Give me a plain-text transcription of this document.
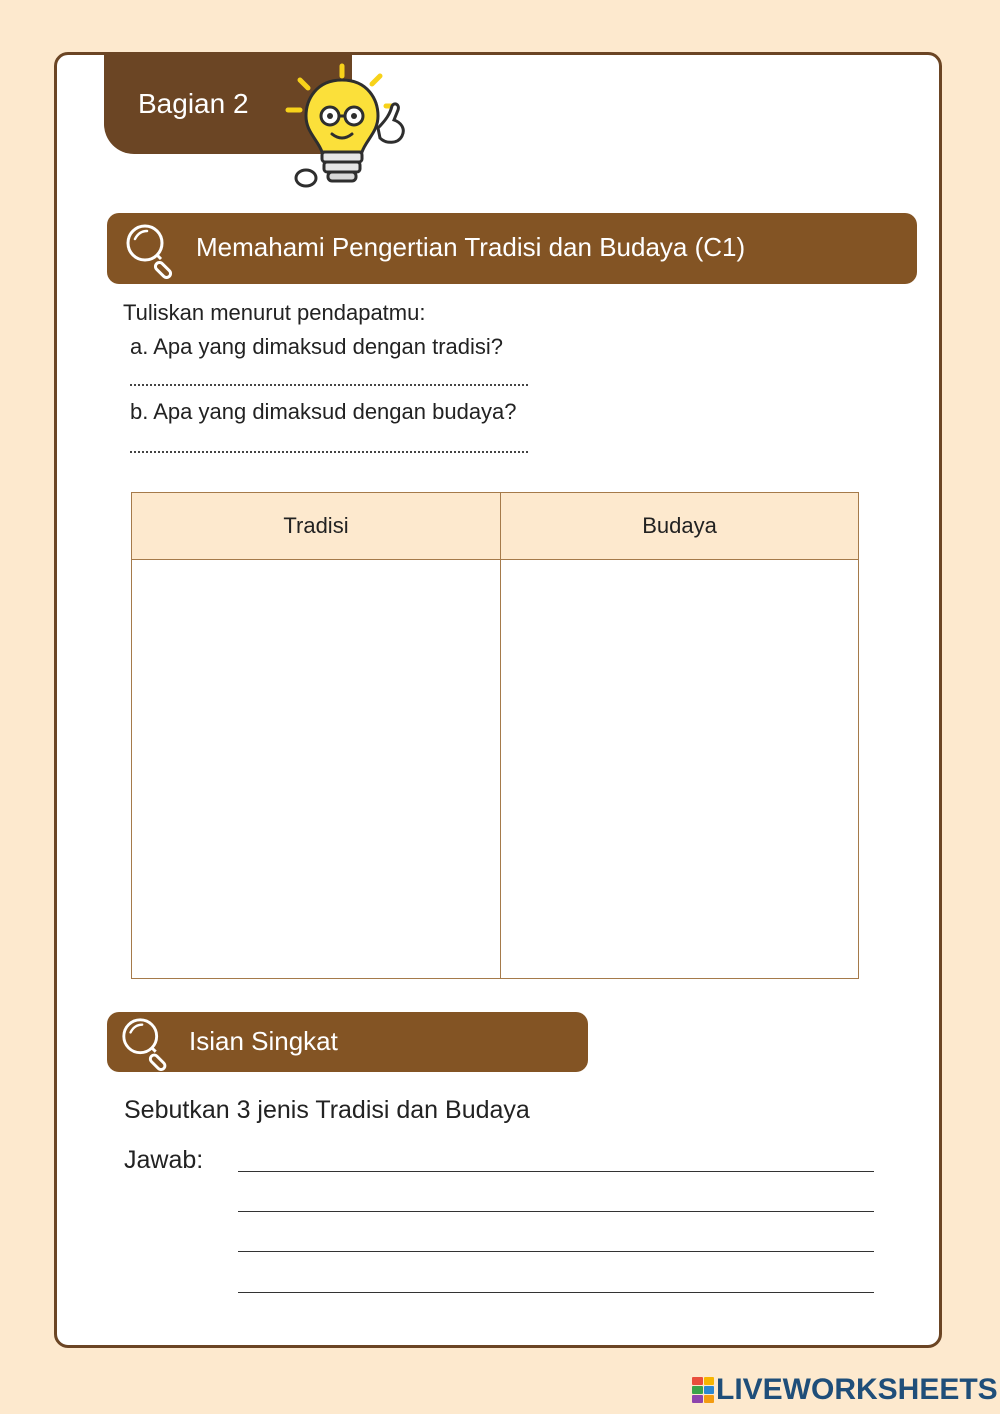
Bagian 2
Memahami Pengertian Tradisi dan Budaya (C1)
Tuliskan menurut pendapatmu:
a. Apa yang dimaksud dengan tradisi?
b. Apa yang dimaksud dengan budaya?
Tradisi	Budaya

Isian Singkat
Sebutkan 3 jenis Tradisi dan Budaya
Jawab:
LIVEWORKSHEETS
